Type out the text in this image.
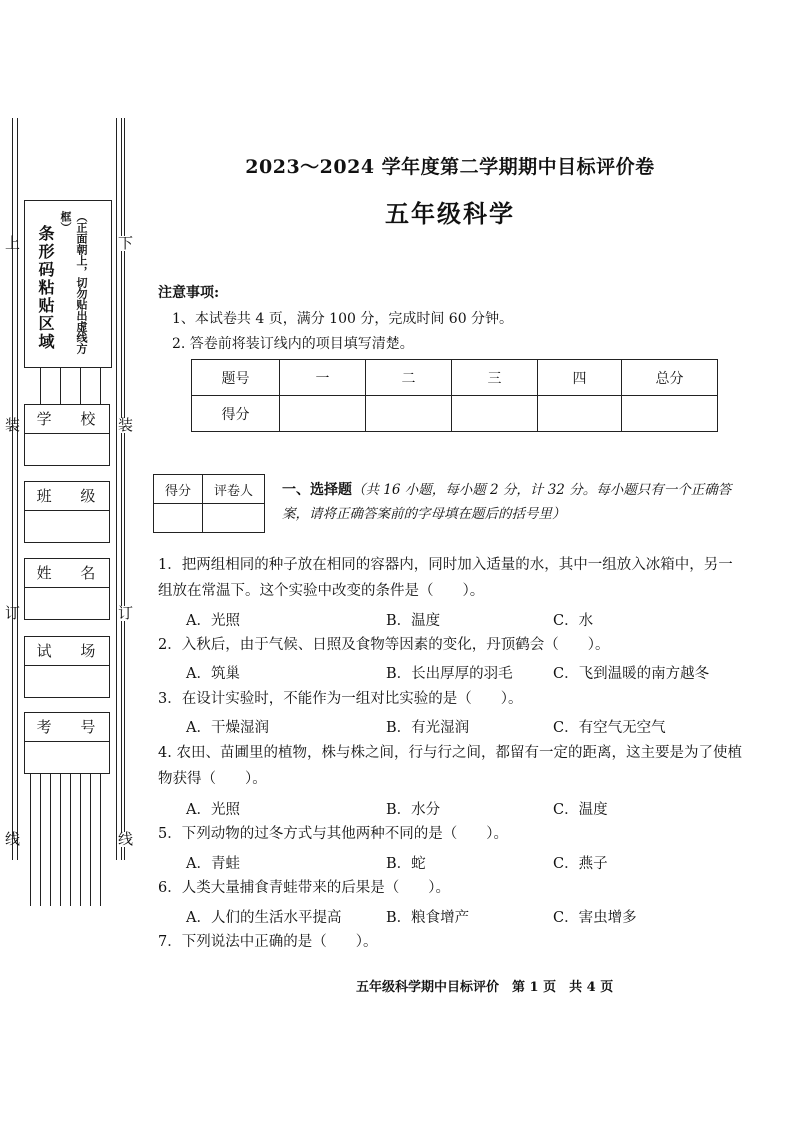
上
装
订
线
下
装
订
线
条形码粘贴区域	（正面朝上，切勿贴出虚线方框）
学 校
班 级
姓 名
试 场
考 号
2023～2024 学年度第二学期期中目标评价卷
五年级科学
注意事项:
1、本试卷共 4 页，满分 100 分，完成时间 60 分钟。
2. 答卷前将装订线内的项目填写清楚。
题号	一	二	三	四	总分
得分					
得分	评卷人
	一、选择题（共 16 小题，每小题 2 分，计 32 分。每小题只有一个正确答案，请将正确答案前的字母填在题后的括号里）
1．把两组相同的种子放在相同的容器内，同时加入适量的水，其中一组放入冰箱中，另一
组放在常温下。这个实验中改变的条件是（　　）。
A．光照	B．温度	C．水
2．入秋后，由于气候、日照及食物等因素的变化，丹顶鹤会（　　）。
A．筑巢	B．长出厚厚的羽毛	C．飞到温暖的南方越冬
3．在设计实验时，不能作为一组对比实验的是（　　）。
A．干燥湿润	B．有光湿润	C．有空气无空气
4. 农田、苗圃里的植物，株与株之间，行与行之间，都留有一定的距离，这主要是为了使植
物获得（　　）。
A．光照	B．水分	C．温度
5．下列动物的过冬方式与其他两种不同的是（　　）。
A．青蛙	B．蛇	C．燕子
6．人类大量捕食青蛙带来的后果是（　　）。
A．人们的生活水平提高	B．粮食增产	C．害虫增多
7．下列说法中正确的是（　　）。
五年级科学期中目标评价　第 1 页　共 4 页
